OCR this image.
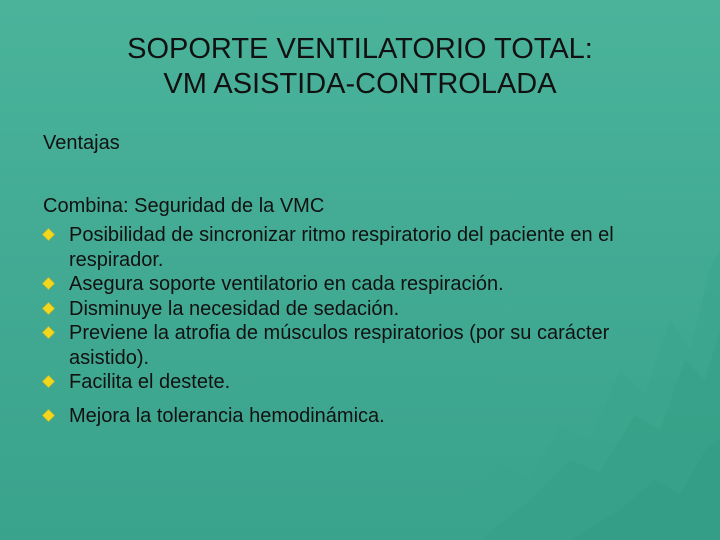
SOPORTE VENTILATORIO TOTAL:
VM ASISTIDA-CONTROLADA
Ventajas
Combina: Seguridad de la VMC
Posibilidad de sincronizar ritmo respiratorio del paciente en el respirador.
Asegura soporte ventilatorio en cada respiración.
Disminuye la necesidad de sedación.
Previene la atrofia de músculos respiratorios (por su carácter asistido).
Facilita el destete.
Mejora la tolerancia hemodinámica.
